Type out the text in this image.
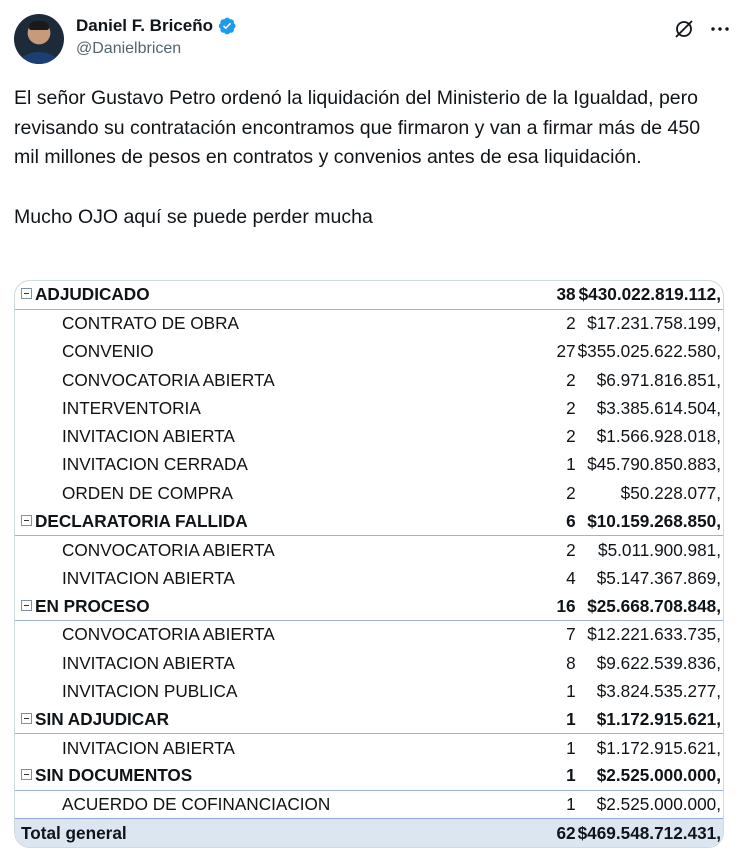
Daniel F. Briceño
@Danielbricen

El señor Gustavo Petro ordenó la liquidación del Ministerio de la Igualdad, pero revisando su contratación encontramos que firmaron y van a firmar más de 450 mil millones de pesos en contratos y convenios antes de esa liquidación.

Mucho OJO aquí se puede perder mucha

ADJUDICADO	38	$430.022.819.112,
CONTRATO DE OBRA	2	$17.231.758.199,
CONVENIO	27	$355.025.622.580,
CONVOCATORIA ABIERTA	2	$6.971.816.851,
INTERVENTORIA	2	$3.385.614.504,
INVITACION ABIERTA	2	$1.566.928.018,
INVITACION CERRADA	1	$45.790.850.883,
ORDEN DE COMPRA	2	$50.228.077,
DECLARATORIA FALLIDA	6	$10.159.268.850,
CONVOCATORIA ABIERTA	2	$5.011.900.981,
INVITACION ABIERTA	4	$5.147.367.869,
EN PROCESO	16	$25.668.708.848,
CONVOCATORIA ABIERTA	7	$12.221.633.735,
INVITACION ABIERTA	8	$9.622.539.836,
INVITACION PUBLICA	1	$3.824.535.277,
SIN ADJUDICAR	1	$1.172.915.621,
INVITACION ABIERTA	1	$1.172.915.621,
SIN DOCUMENTOS	1	$2.525.000.000,
ACUERDO DE COFINANCIACION	1	$2.525.000.000,
Total general	62	$469.548.712.431,
